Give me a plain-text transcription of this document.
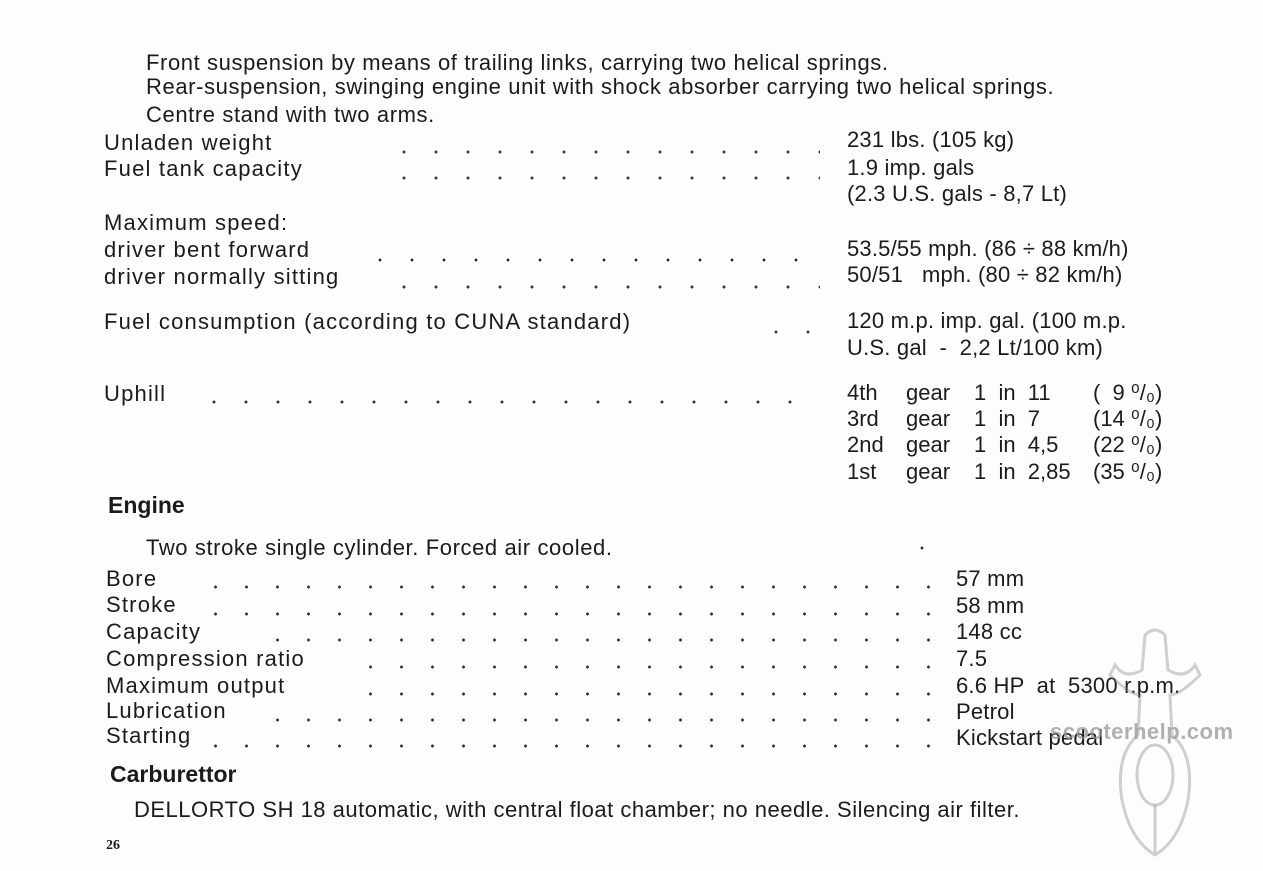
Front suspension by means of trailing links, carrying two helical springs.
Rear-suspension, swinging engine unit with shock absorber carrying two helical springs.
Centre stand with two arms.
Unladen weight	231 lbs. (105 kg)
Fuel tank capacity	1.9 imp. gals
(2.3 U.S. gals - 8,7 Lt)
Maximum speed:
driver bent forward	53.5/55 mph. (86 ÷ 88 km/h)
driver normally sitting	50/51   mph. (80 ÷ 82 km/h)
Fuel consumption (according to CUNA standard)	120 m.p. imp. gal. (100 m.p.
U.S. gal  -  2,2 Lt/100 km)
Uphill	4th gear 1  in  11 (  9 ⁰/₀)
3rd gear 1  in  7 (14 ⁰/₀)
2nd gear 1  in  4,5 (22 ⁰/₀)
1st gear 1  in  2,85 (35 ⁰/₀)
Engine
Two stroke single cylinder. Forced air cooled.
Bore	57 mm
Stroke	58 mm
Capacity	148 cc
Compression ratio	7.5
Maximum output	6.6 HP  at  5300 r.p.m.
Lubrication	Petrol
Starting	Kickstart pedal
Carburettor
DELLORTO SH 18 automatic, with central float chamber; no needle. Silencing air filter.
26
scooterhelp.com
